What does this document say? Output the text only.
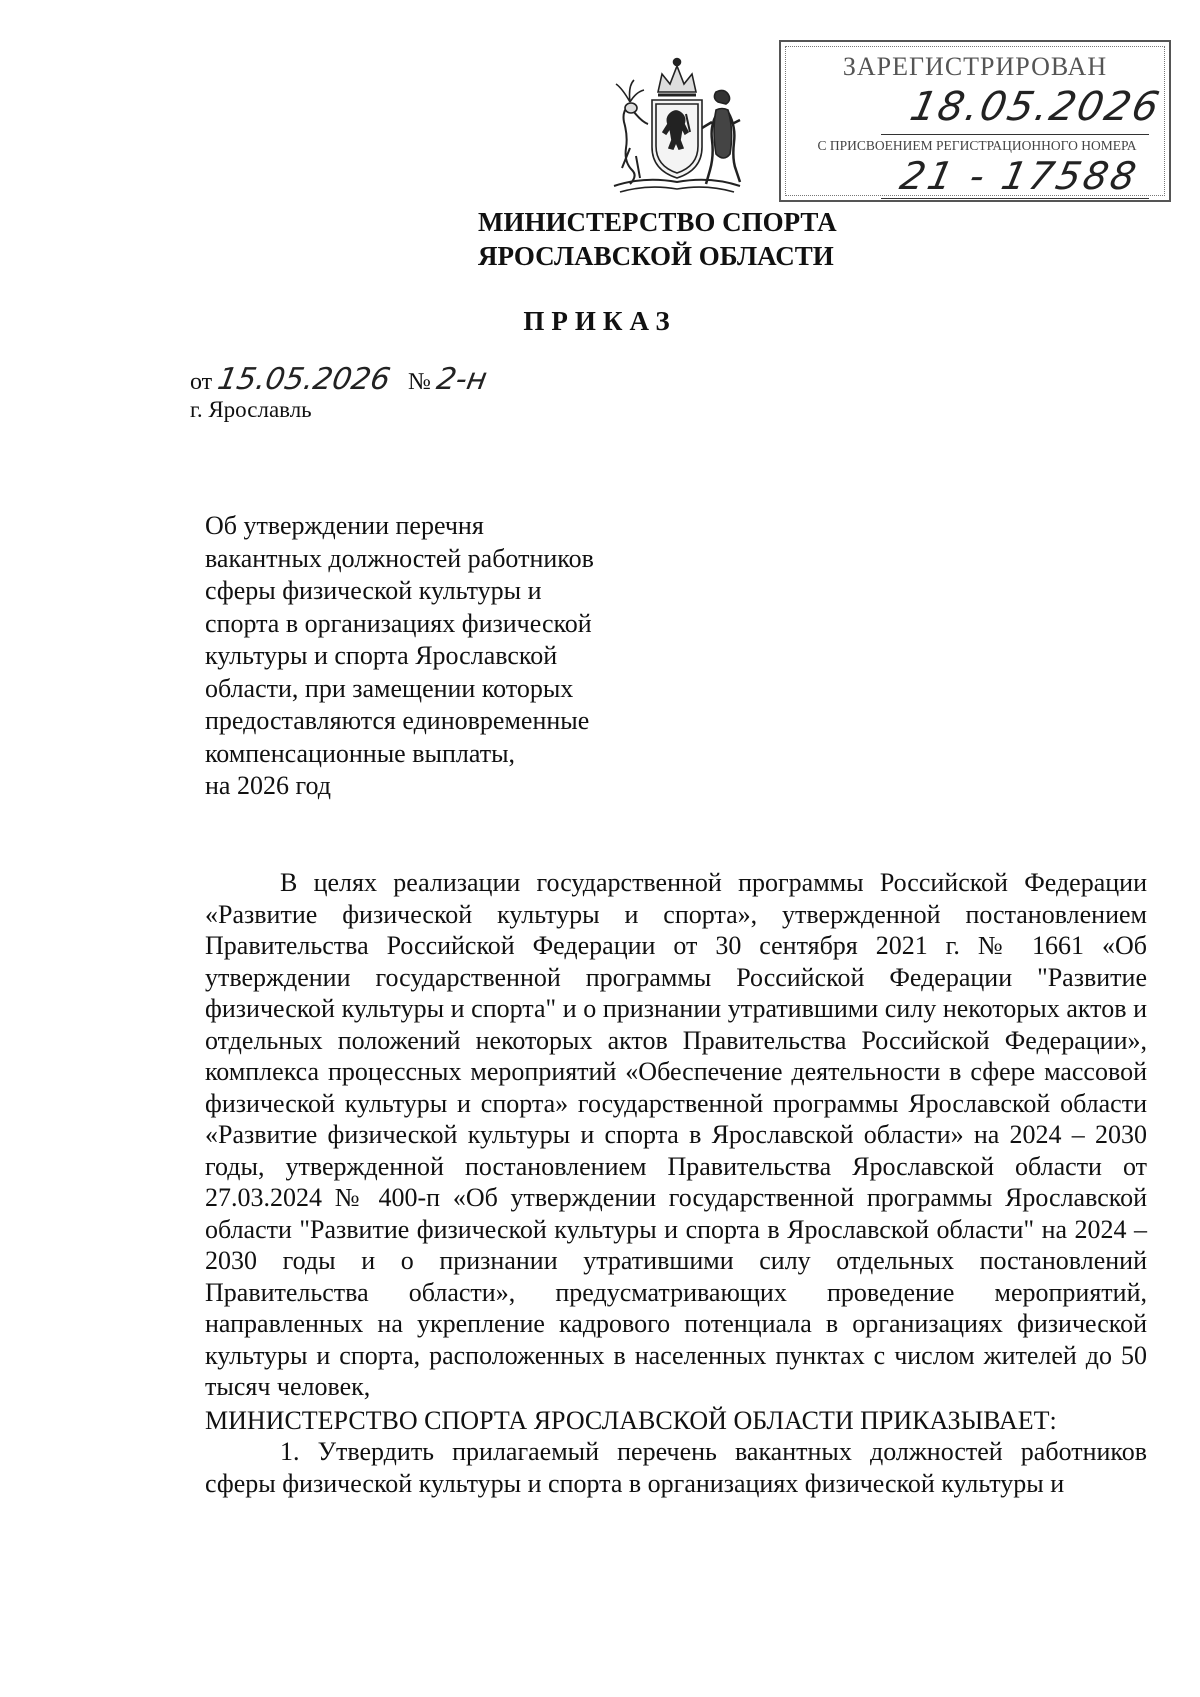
ЗАРЕГИСТРИРОВАН
18.05.2026
С ПРИСВОЕНИЕМ РЕГИСТРАЦИОННОГО НОМЕРА
21 - 17588
МИНИСТЕРСТВО СПОРТА
ЯРОСЛАВСКОЙ ОБЛАСТИ
ПРИКАЗ
от 15.05.2026 № 2-н
г. Ярославль
Об утверждении перечня
вакантных должностей работников
сферы физической культуры и
спорта в организациях физической
культуры и спорта Ярославской
области, при замещении которых
предоставляются единовременные
компенсационные выплаты,
на 2026 год

В целях реализации государственной программы Российской Федерации «Развитие физической культуры и спорта», утвержденной постановлением Правительства Российской Федерации от 30 сентября 2021 г. № 1661 «Об утверждении государственной программы Российской Федерации "Развитие физической культуры и спорта" и о признании утратившими силу некоторых актов и отдельных положений некоторых актов Правительства Российской Федерации», комплекса процессных мероприятий «Обеспечение деятельности в сфере массовой физической культуры и спорта» государственной программы Ярославской области «Развитие физической культуры и спорта в Ярославской области» на 2024 – 2030 годы, утвержденной постановлением Правительства Ярославской области от 27.03.2024 № 400-п «Об утверждении государственной программы Ярославской области "Развитие физической культуры и спорта в Ярославской области" на 2024 – 2030 годы и о признании утратившими силу отдельных постановлений Правительства области», предусматривающих проведение мероприятий, направленных на укрепление кадрового потенциала в организациях физической культуры и спорта, расположенных в населенных пунктах с числом жителей до 50 тысяч человек,

МИНИСТЕРСТВО СПОРТА ЯРОСЛАВСКОЙ ОБЛАСТИ ПРИКАЗЫВАЕТ:

1. Утвердить прилагаемый перечень вакантных должностей работников сферы физической культуры и спорта в организациях физической культуры и
